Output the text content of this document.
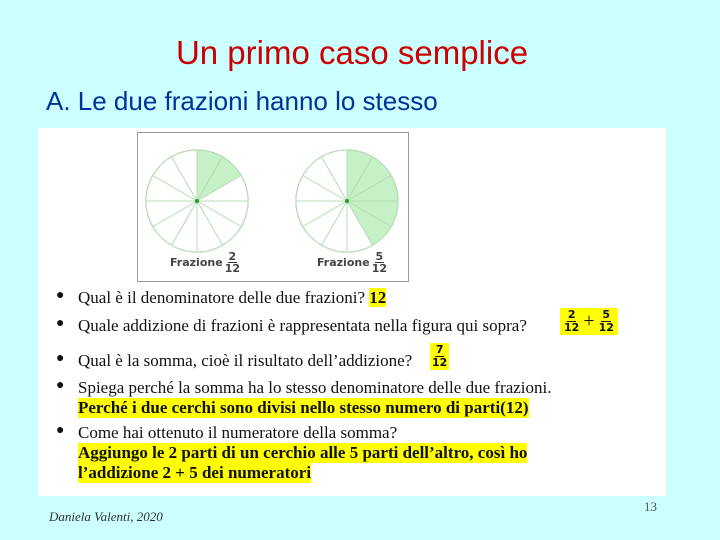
Un primo caso semplice
A. Le due frazioni hanno lo stesso
Frazione $\frac{2}{12}$	Frazione $\frac{5}{12}$
● Qual è il denominatore delle due frazioni? 12
● Quale addizione di frazioni è rappresentata nella figura qui sopra?	$\frac{2}{12} + \frac{5}{12}$
● Qual è la somma, cioè il risultato dell’addizione? $\frac{7}{12}$
● Spiega perché la somma ha lo stesso denominatore delle due frazioni.
Perché i due cerchi sono divisi nello stesso numero di parti(12)
● Come hai ottenuto il numeratore della somma?
Aggiungo le 2 parti di un cerchio alle 5 parti dell’altro, così ho
l’addizione 2 + 5 dei numeratori
Daniela Valenti, 2020
13
